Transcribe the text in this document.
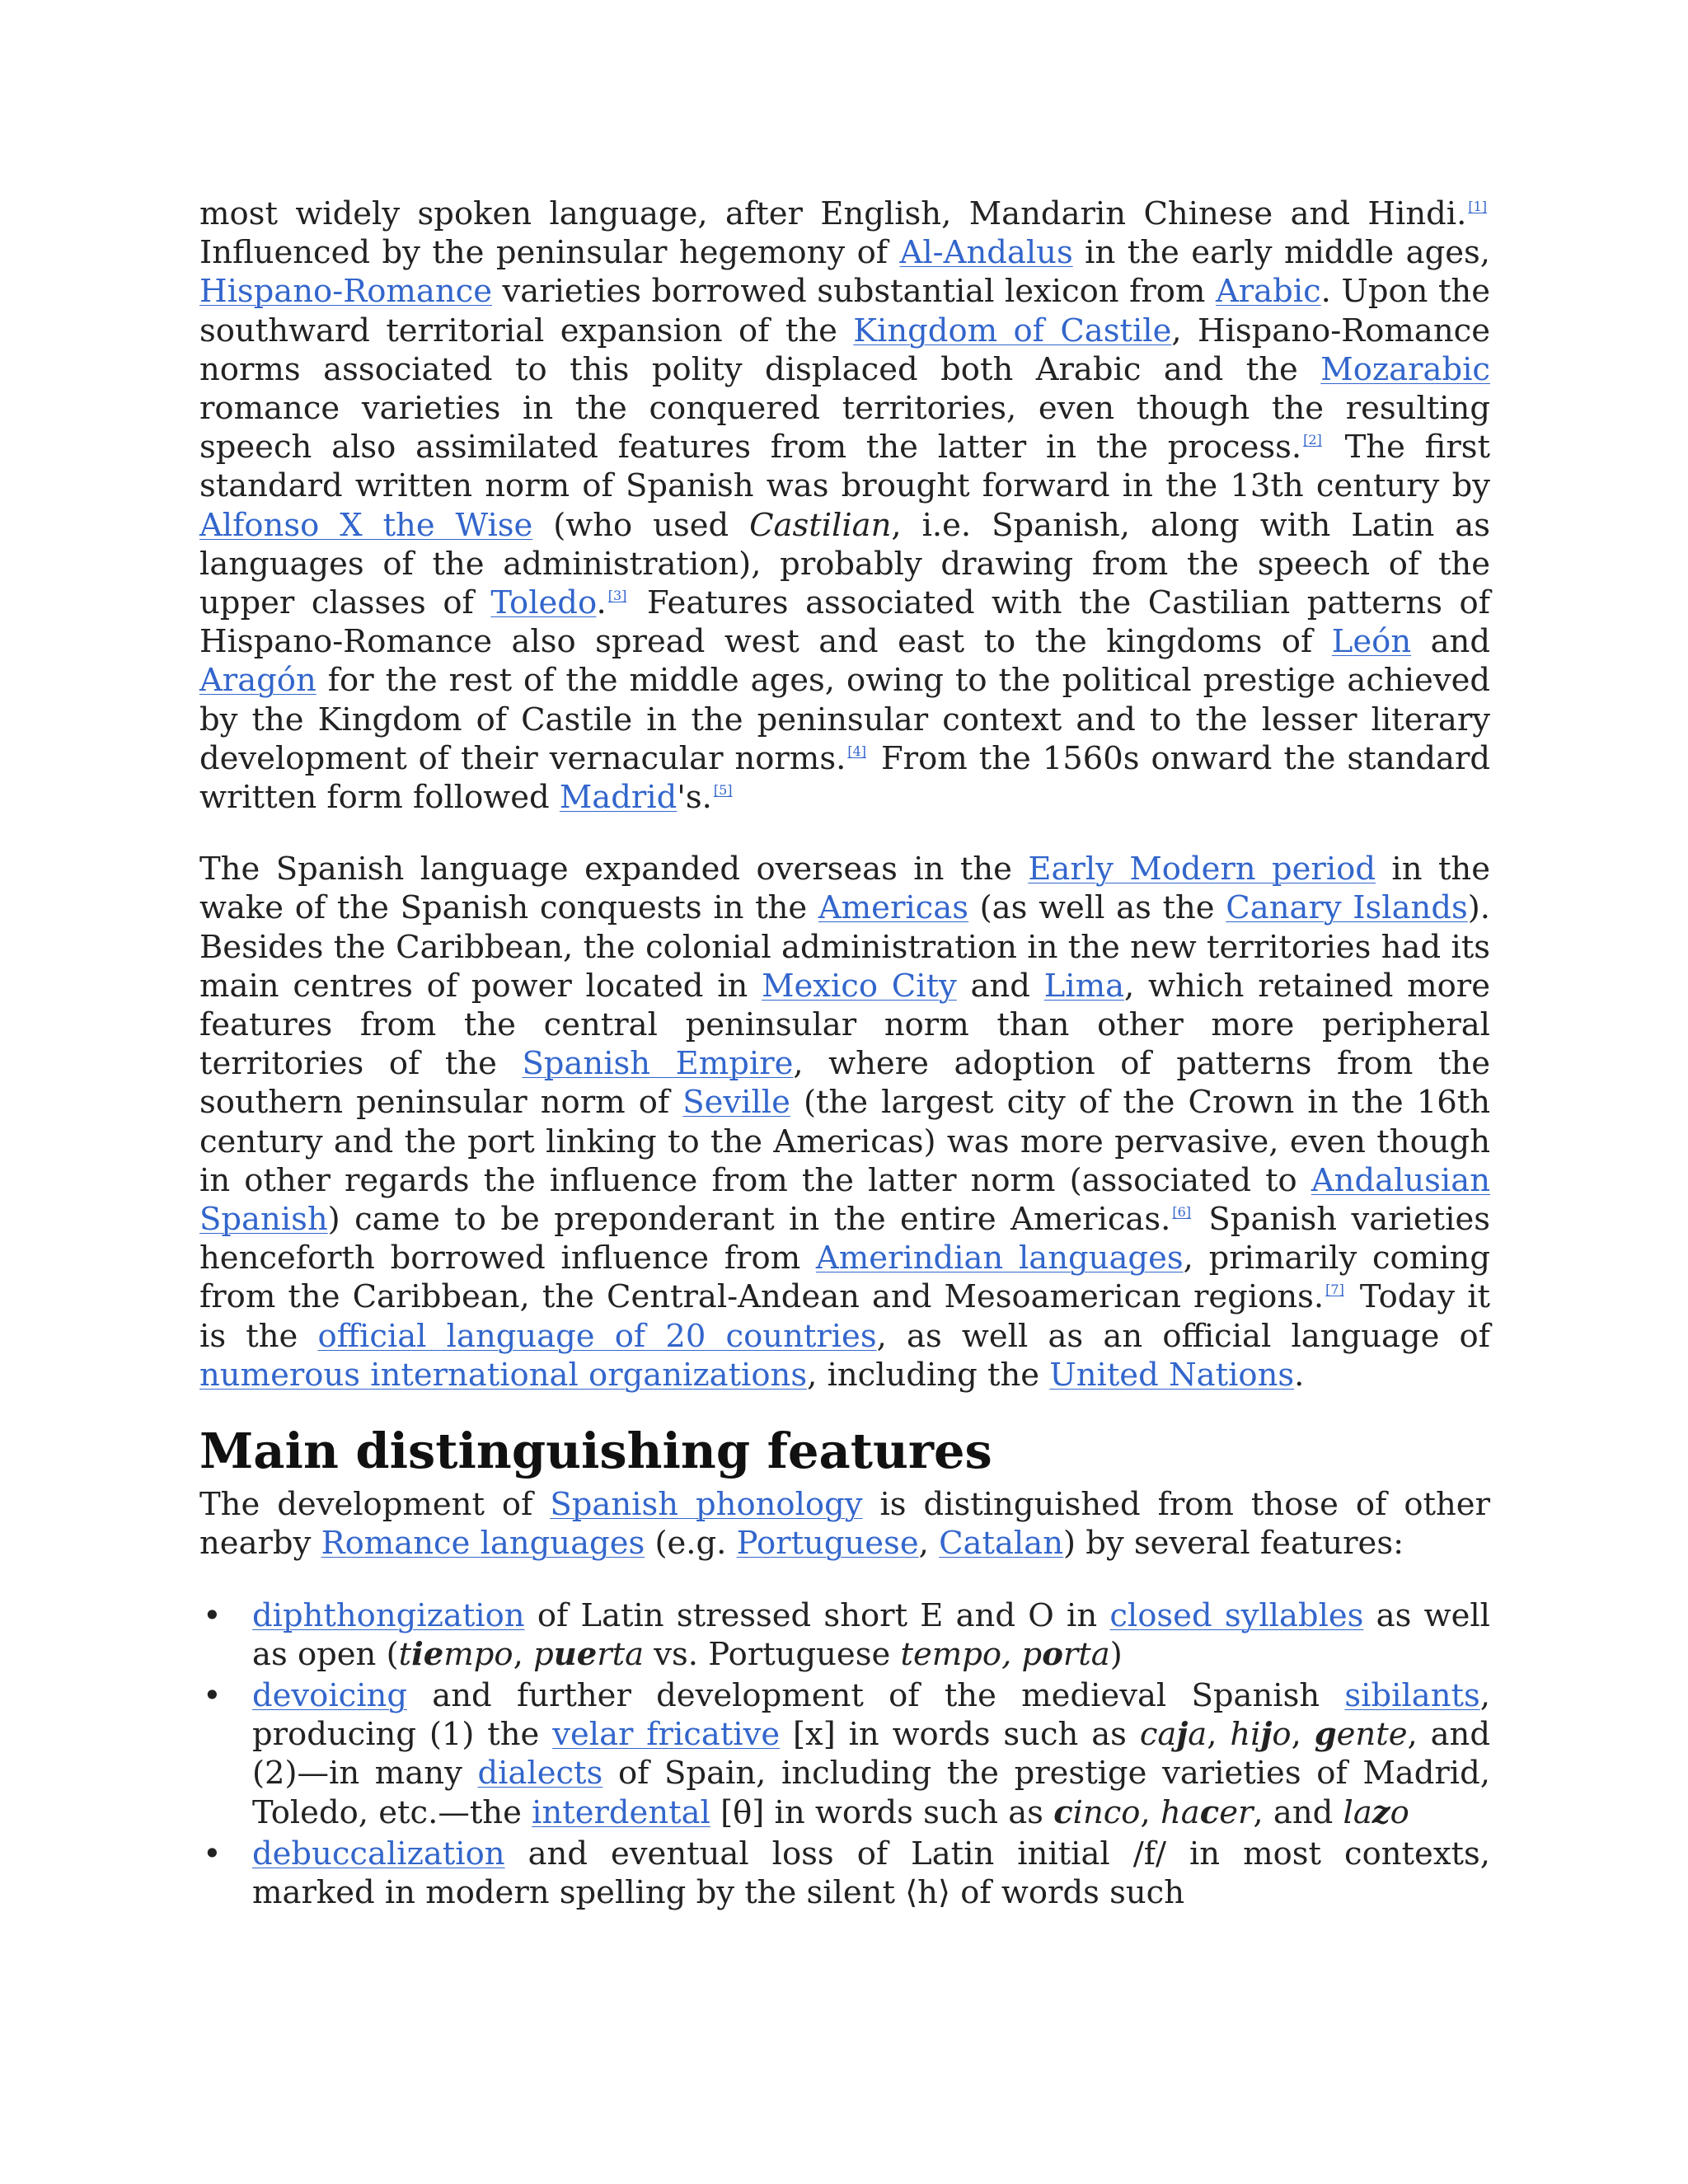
most widely spoken language, after English, Mandarin Chinese and Hindi. [1] Influenced by the peninsular hegemony of Al-Andalus in the early middle ages, Hispano-Romance varieties borrowed substantial lexicon from Arabic. Upon the southward territorial expansion of the Kingdom of Castile, Hispano-Romance norms associated to this polity displaced both Arabic and the Mozarabic romance varieties in the conquered territories, even though the resulting speech also assimilated features from the latter in the process. [2] The first standard written norm of Spanish was brought forward in the 13th century by Alfonso X the Wise (who used Castilian, i.e. Spanish, along with Latin as languages of the administration), probably drawing from the speech of the upper classes of Toledo. [3] Features associated with the Castilian patterns of Hispano-Romance also spread west and east to the kingdoms of León and Aragón for the rest of the middle ages, owing to the political prestige achieved by the Kingdom of Castile in the peninsular context and to the lesser literary development of their vernacular norms. [4] From the 1560s onward the standard written form followed Madrid's. [5]

The Spanish language expanded overseas in the Early Modern period in the wake of the Spanish conquests in the Americas (as well as the Canary Islands). Besides the Caribbean, the colonial administration in the new territories had its main centres of power located in Mexico City and Lima, which retained more features from the central peninsular norm than other more peripheral territories of the Spanish Empire, where adoption of patterns from the southern peninsular norm of Seville (the largest city of the Crown in the 16th century and the port linking to the Americas) was more pervasive, even though in other regards the influence from the latter norm (associated to Andalusian Spanish) came to be preponderant in the entire Americas. [6] Spanish varieties henceforth borrowed influence from Amerindian languages, primarily coming from the Caribbean, the Central-Andean and Mesoamerican regions. [7] Today it is the official language of 20 countries, as well as an official language of numerous international organizations, including the United Nations.

Main distinguishing features

The development of Spanish phonology is distinguished from those of other nearby Romance languages (e.g. Portuguese, Catalan) by several features:

• diphthongization of Latin stressed short E and O in closed syllables as well as open (tiempo, puerta vs. Portuguese tempo, porta)
• devoicing and further development of the medieval Spanish sibilants, producing (1) the velar fricative [x] in words such as caja, hijo, gente, and (2)—in many dialects of Spain, including the prestige varieties of Madrid, Toledo, etc.—the interdental [θ] in words such as cinco, hacer, and lazo
• debuccalization and eventual loss of Latin initial /f/ in most contexts, marked in modern spelling by the silent ⟨h⟩ of words such
